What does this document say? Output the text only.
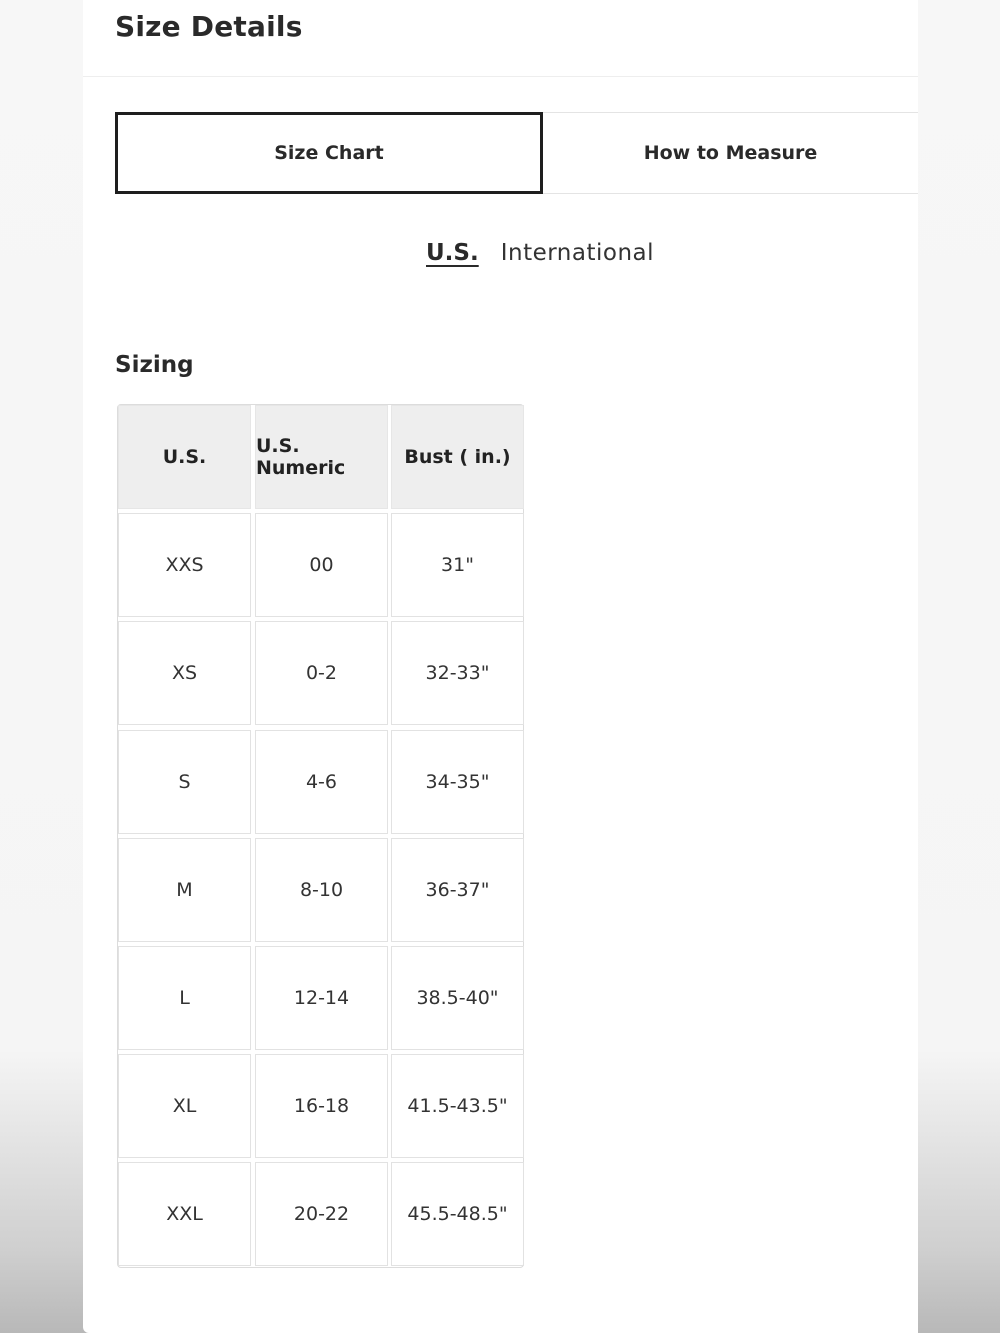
Size Details
Size Chart	How to Measure
U.S. International
Sizing
U.S.	U.S. Numeric	Bust ( in.)
XXS	00	31"
XS	0-2	32-33"
S	4-6	34-35"
M	8-10	36-37"
L	12-14	38.5-40"
XL	16-18	41.5-43.5"
XXL	20-22	45.5-48.5"
